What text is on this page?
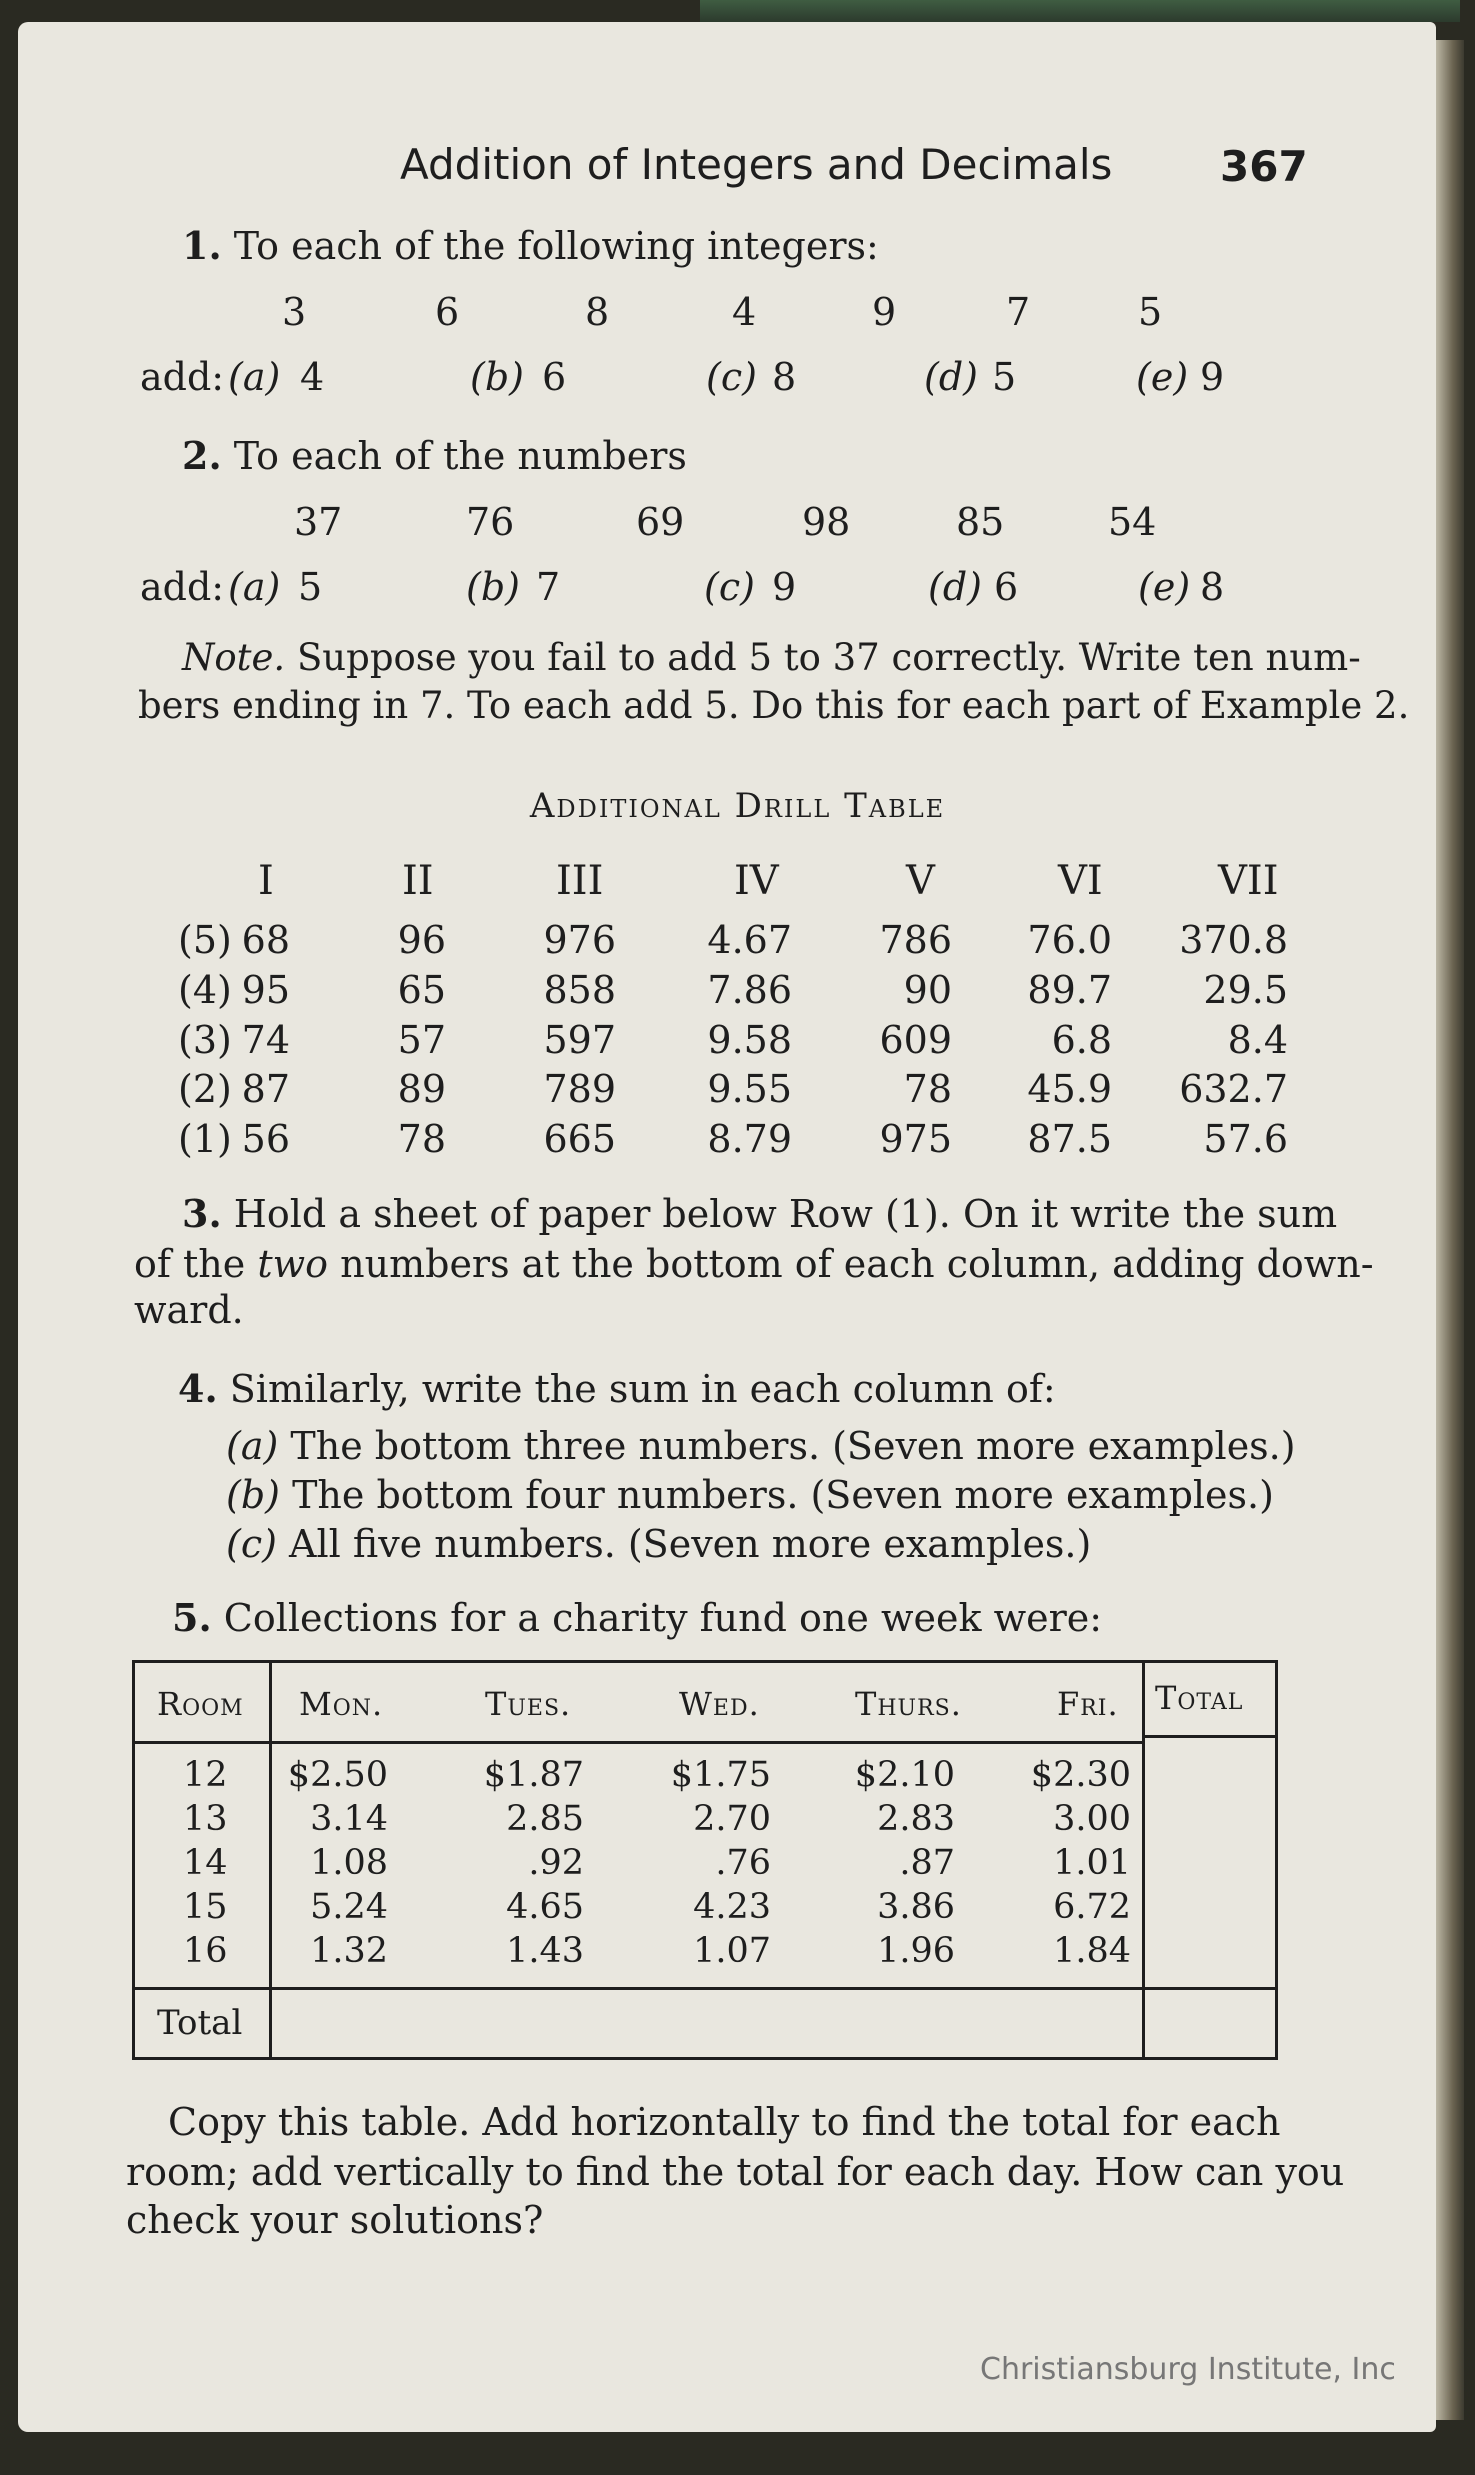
Addition of Integers and Decimals	367
1. To each of the following integers:
3	6	8	4	9	7	5
add: (a) 4	(b) 6	(c) 8	(d) 5	(e) 9
2. To each of the numbers
37	76	69	98	85	54
add: (a) 5	(b) 7	(c) 9	(d) 6	(e) 8
Note. Suppose you fail to add 5 to 37 correctly. Write ten num-
bers ending in 7. To each add 5. Do this for each part of Example 2.
Additional Drill Table
I	II	III	IV	V	VI	VII
(5) 68	96	976 4.67 786 76.0 370.8
(4) 95	65	858 7.86	90 89.7 29.5
(3) 74	57	597 9.58 609	6.8	8.4
(2) 87	89	789 9.55	78 45.9 632.7
(1) 56	78	665 8.79 975 87.5 57.6
3. Hold a sheet of paper below Row (1). On it write the sum
of the two numbers at the bottom of each column, adding down-
ward.
4. Similarly, write the sum in each column of:
(a) The bottom three numbers. (Seven more examples.)
(b) The bottom four numbers. (Seven more examples.)
(c) All five numbers. (Seven more examples.)
5. Collections for a charity fund one week were:
Room Mon.	Tues.	Wed.	Thurs.	Fri. Total
12 $2.50	$1.87 $1.75 $2.10 $2.30
13 3.14	2.85	2.70	2.83	3.00
14 1.08	.92	.76	.87	1.01
15 5.24	4.65	4.23	3.86	6.72
16 1.32	1.43	1.07	1.96	1.84
Total
Copy this table. Add horizontally to find the total for each
room; add vertically to find the total for each day. How can you
check your solutions?
Christiansburg Institute, Inc
